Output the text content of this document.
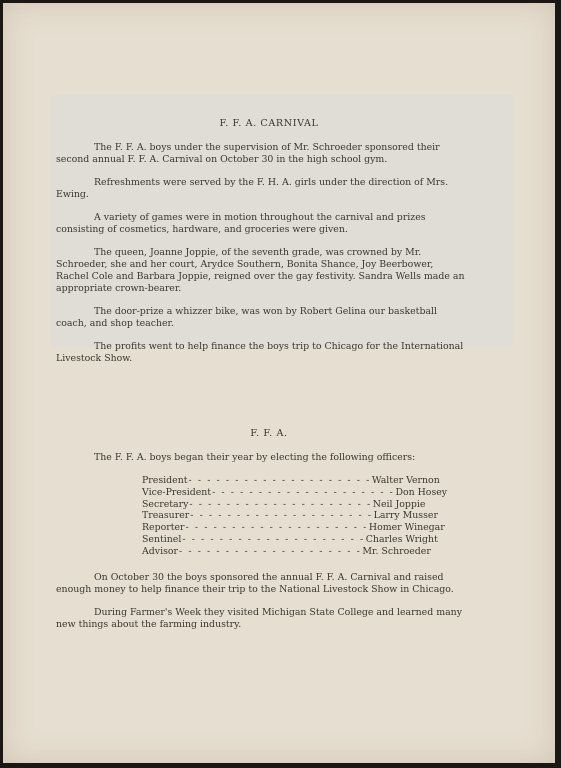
F. F. A. CARNIVAL

The F. F. A. boys under the supervision of Mr. Schroeder sponsored their second annual F. F. A. Carnival on October 30 in the high school gym.

Refreshments were served by the F. H. A. girls under the direction of Mrs. Ewing.

A variety of games were in motion throughout the carnival and prizes consisting of cosmetics, hardware, and groceries were given.

The queen, Joanne Joppie, of the seventh grade, was crowned by Mr. Schroeder, she and her court, Arydce Southern, Bonita Shance, Joy Beerbower, Rachel Cole and Barbara Joppie, reigned over the gay festivity. Sandra Wells made an appropriate crown-bearer.

The door-prize a whizzer bike, was won by Robert Gelina our basketball coach, and shop teacher.

The profits went to help finance the boys trip to Chicago for the International Livestock Show.

F. F. A.

The F. F. A. boys began their year by electing the following officers:

President - - - - - - - - - - - - - - - - - - - - Walter Vernon
Vice-President - - - - - - - - - - - - - - - - - - - - Don Hosey
Secretary - - - - - - - - - - - - - - - - - - - - Neil Joppie
Treasurer - - - - - - - - - - - - - - - - - - - - Larry Musser
Reporter - - - - - - - - - - - - - - - - - - - - Homer Winegar
Sentinel - - - - - - - - - - - - - - - - - - - - Charles Wright
Advisor - - - - - - - - - - - - - - - - - - - - Mr. Schroeder

On October 30 the boys sponsored the annual F. F. A. Carnival and raised enough money to help finance their trip to the National Livestock Show in Chicago.

During Farmer's Week they visited Michigan State College and learned many new things about the farming industry.
